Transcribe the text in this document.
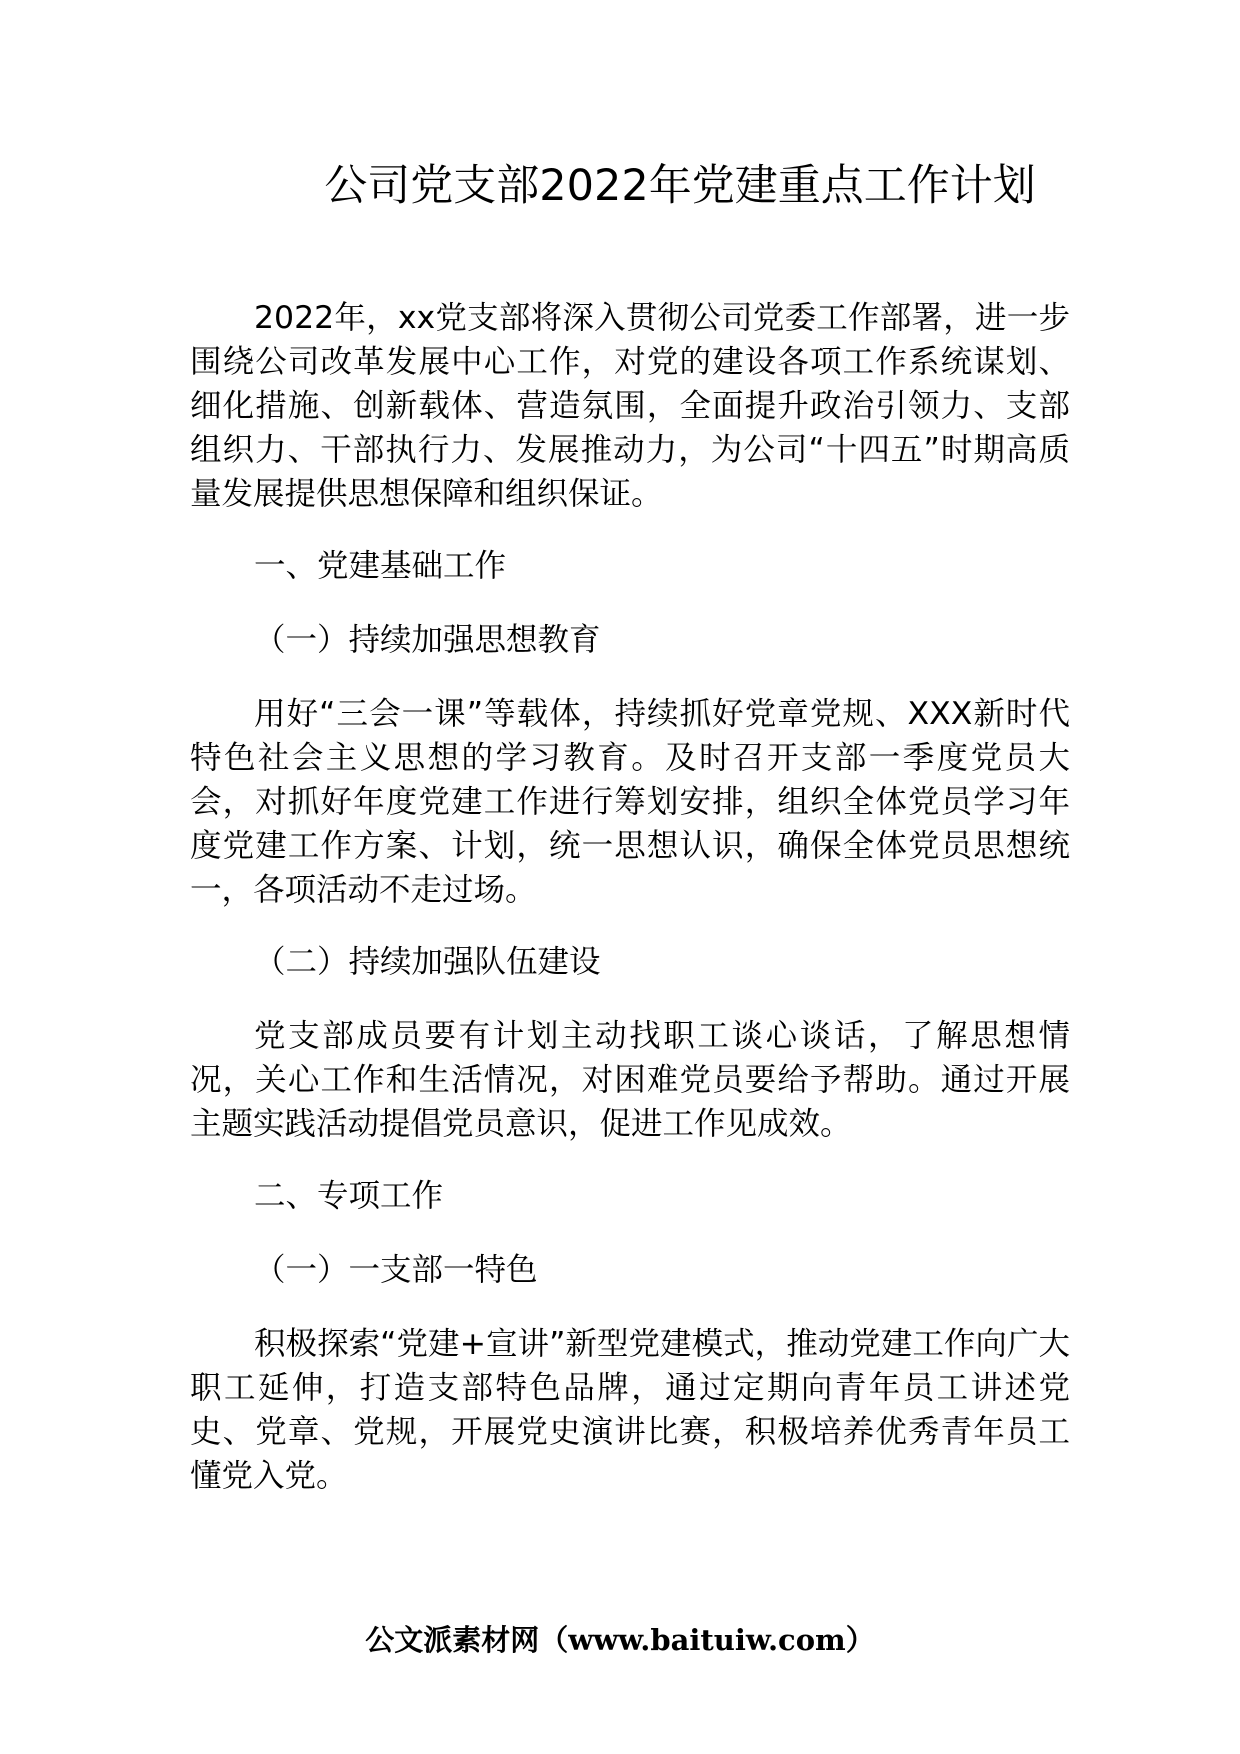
公司党支部2022年党建重点工作计划

2022年，xx党支部将深入贯彻公司党委工作部署，进一步围绕公司改革发展中心工作，对党的建设各项工作系统谋划、细化措施、创新载体、营造氛围，全面提升政治引领力、支部组织力、干部执行力、发展推动力，为公司“十四五”时期高质量发展提供思想保障和组织保证。

一、党建基础工作

（一）持续加强思想教育

用好“三会一课”等载体，持续抓好党章党规、XXX新时代特色社会主义思想的学习教育。及时召开支部一季度党员大会，对抓好年度党建工作进行筹划安排，组织全体党员学习年度党建工作方案、计划，统一思想认识，确保全体党员思想统一，各项活动不走过场。

（二）持续加强队伍建设

党支部成员要有计划主动找职工谈心谈话，了解思想情况，关心工作和生活情况，对困难党员要给予帮助。通过开展主题实践活动提倡党员意识，促进工作见成效。

二、专项工作

（一）一支部一特色

积极探索“党建+宣讲”新型党建模式，推动党建工作向广大职工延伸，打造支部特色品牌，通过定期向青年员工讲述党史、党章、党规，开展党史演讲比赛，积极培养优秀青年员工懂党入党。

公文派素材网（www.baituiw.com）
